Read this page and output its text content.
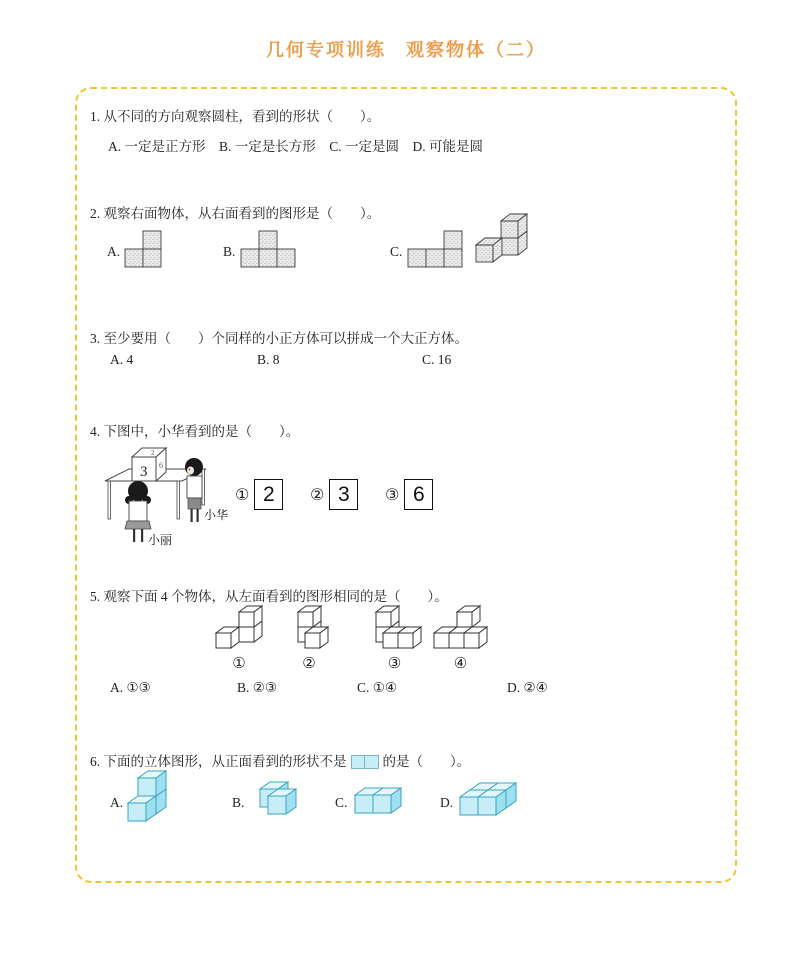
几何专项训练　观察物体（二）
1. 从不同的方向观察圆柱，看到的形状（　　）。
A. 一定是正方形　B. 一定是长方形　C. 一定是圆　D. 可能是圆
2. 观察右面物体，从右面看到的图形是（　　）。
A.	B.	C.
3. 至少要用（　　）个同样的小正方体可以拼成一个大正方体。
A. 4	B. 8	C. 16
4. 下图中，小华看到的是（　　）。
3
2
6
小丽
小华
① 2	② 3	③ 6
5. 观察下面 4 个物体，从左面看到的图形相同的是（　　）。
①	②	③	④
A. ①③	B. ②③	C. ①④	D. ②④
6. 下面的立体图形，从正面看到的形状不是	的是（　　）。
A.	B.	C.	D.
